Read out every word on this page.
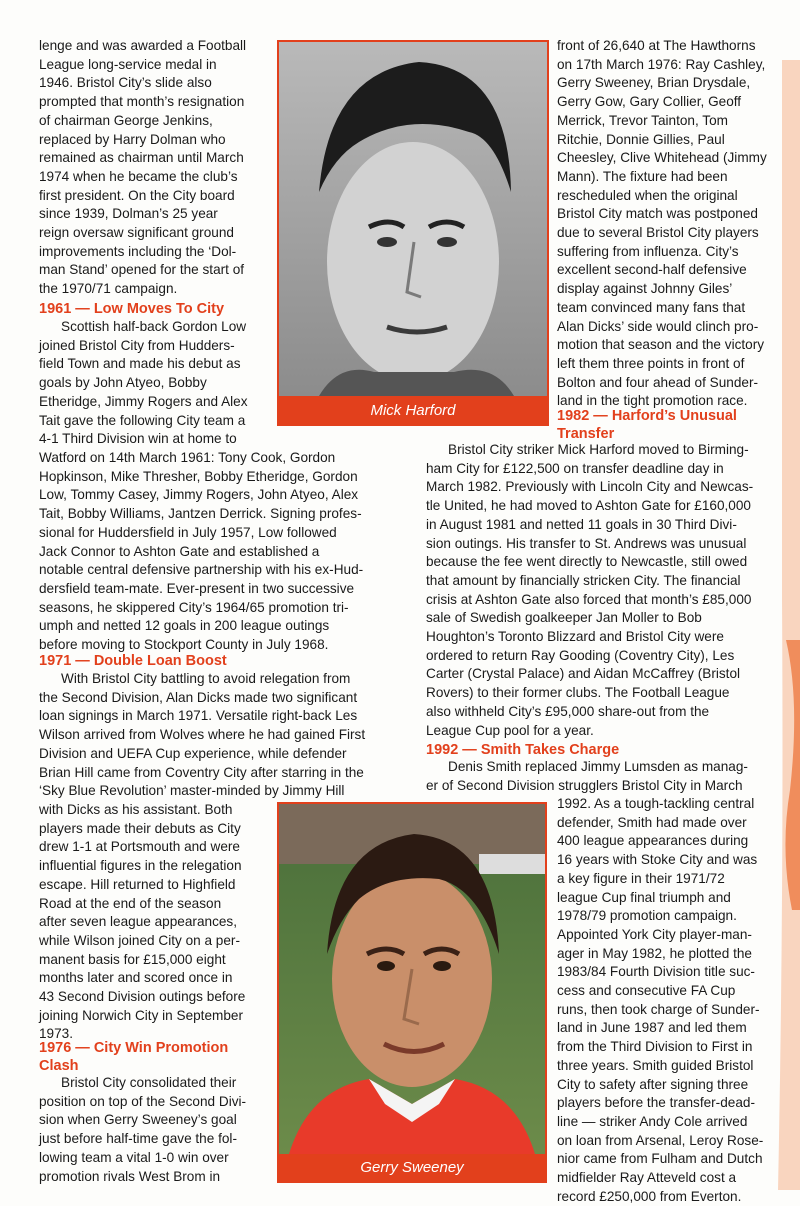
lenge and was awarded a Football
League long-service medal in
1946. Bristol City’s slide also
prompted that month’s resignation
of chairman George Jenkins,
replaced by Harry Dolman who
remained as chairman until March
1974 when he became the club’s
first president. On the City board
since 1939, Dolman’s 25 year
reign oversaw significant ground
improvements including the ‘Dol-
man Stand’ opened for the start of
the 1970/71 campaign.
1961 — Low Moves To City
Scottish half-back Gordon Low
joined Bristol City from Hudders-
field Town and made his debut as
goals by John Atyeo, Bobby
Etheridge, Jimmy Rogers and Alex
Tait gave the following City team a
4-1 Third Division win at home to
Watford on 14th March 1961: Tony Cook, Gordon
Hopkinson, Mike Thresher, Bobby Etheridge, Gordon
Low, Tommy Casey, Jimmy Rogers, John Atyeo, Alex
Tait, Bobby Williams, Jantzen Derrick. Signing profes-
sional for Huddersfield in July 1957, Low followed
Jack Connor to Ashton Gate and established a
notable central defensive partnership with his ex-Hud-
dersfield team-mate. Ever-present in two successive
seasons, he skippered City’s 1964/65 promotion tri-
umph and netted 12 goals in 200 league outings
before moving to Stockport County in July 1968.
1971 — Double Loan Boost
With Bristol City battling to avoid relegation from
the Second Division, Alan Dicks made two significant
loan signings in March 1971. Versatile right-back Les
Wilson arrived from Wolves where he had gained First
Division and UEFA Cup experience, while defender
Brian Hill came from Coventry City after starring in the
‘Sky Blue Revolution’ master-minded by Jimmy Hill
with Dicks as his assistant. Both
players made their debuts as City
drew 1-1 at Portsmouth and were
influential figures in the relegation
escape. Hill returned to Highfield
Road at the end of the season
after seven league appearances,
while Wilson joined City on a per-
manent basis for £15,000 eight
months later and scored once in
43 Second Division outings before
joining Norwich City in September
1973.
1976 — City Win Promotion
Clash
Bristol City consolidated their
position on top of the Second Divi-
sion when Gerry Sweeney’s goal
just before half-time gave the fol-
lowing team a vital 1-0 win over
promotion rivals West Brom in
front of 26,640 at The Hawthorns
on 17th March 1976: Ray Cashley,
Gerry Sweeney, Brian Drysdale,
Gerry Gow, Gary Collier, Geoff
Merrick, Trevor Tainton, Tom
Ritchie, Donnie Gillies, Paul
Cheesley, Clive Whitehead (Jimmy
Mann). The fixture had been
rescheduled when the original
Bristol City match was postponed
due to several Bristol City players
suffering from influenza. City’s
excellent second-half defensive
display against Johnny Giles’
team convinced many fans that
Alan Dicks’ side would clinch pro-
motion that season and the victory
left them three points in front of
Bolton and four ahead of Sunder-
land in the tight promotion race.
1982 — Harford’s Unusual
Transfer
Bristol City striker Mick Harford moved to Birming-
ham City for £122,500 on transfer deadline day in
March 1982. Previously with Lincoln City and Newcas-
tle United, he had moved to Ashton Gate for £160,000
in August 1981 and netted 11 goals in 30 Third Divi-
sion outings. His transfer to St. Andrews was unusual
because the fee went directly to Newcastle, still owed
that amount by financially stricken City. The financial
crisis at Ashton Gate also forced that month’s £85,000
sale of Swedish goalkeeper Jan Moller to Bob
Houghton’s Toronto Blizzard and Bristol City were
ordered to return Ray Gooding (Coventry City), Les
Carter (Crystal Palace) and Aidan McCaffrey (Bristol
Rovers) to their former clubs. The Football League
also withheld City’s £95,000 share-out from the
League Cup pool for a year.
1992 — Smith Takes Charge
Denis Smith replaced Jimmy Lumsden as manag-
er of Second Division strugglers Bristol City in March
1992. As a tough-tackling central
defender, Smith had made over
400 league appearances during
16 years with Stoke City and was
a key figure in their 1971/72
league Cup final triumph and
1978/79 promotion campaign.
Appointed York City player-man-
ager in May 1982, he plotted the
1983/84 Fourth Division title suc-
cess and consecutive FA Cup
runs, then took charge of Sunder-
land in June 1987 and led them
from the Third Division to First in
three years. Smith guided Bristol
City to safety after signing three
players before the transfer-dead-
line — striker Andy Cole arrived
on loan from Arsenal, Leroy Rose-
nior came from Fulham and Dutch
midfielder Ray Atteveld cost a
record £250,000 from Everton.
Mick Harford
Gerry Sweeney
